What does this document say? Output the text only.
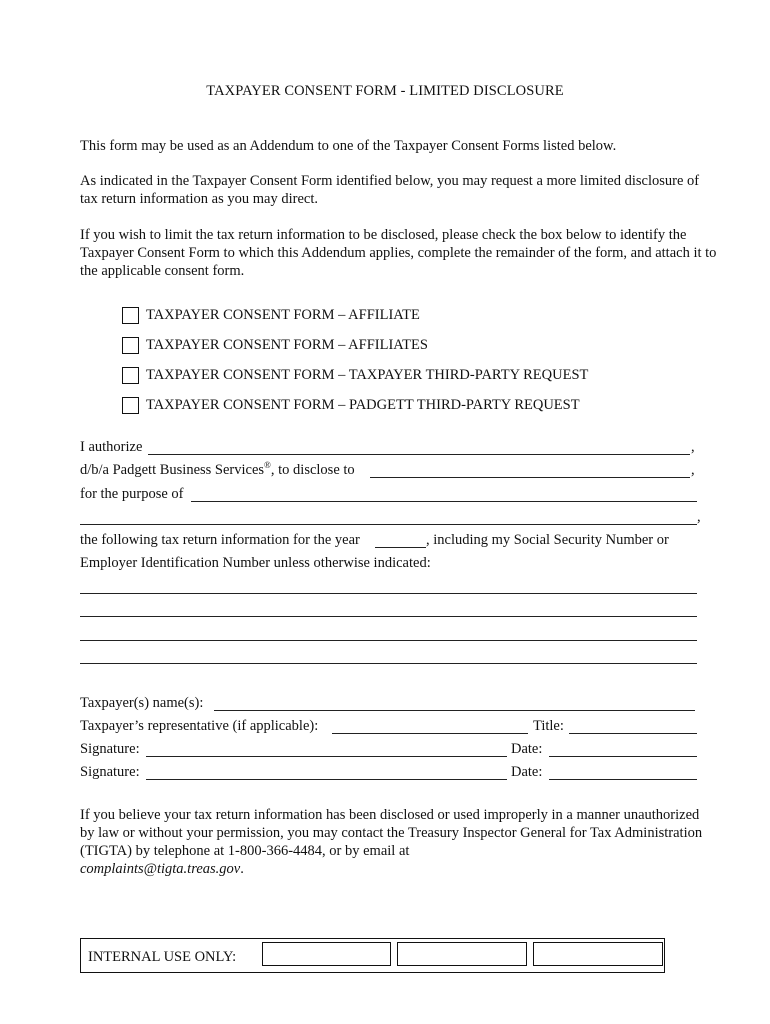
TAXPAYER CONSENT FORM - LIMITED DISCLOSURE
This form may be used as an Addendum to one of the Taxpayer Consent Forms listed below.
As indicated in the Taxpayer Consent Form identified below, you may request a more limited disclosure of tax return information as you may direct.
If you wish to limit the tax return information to be disclosed, please check the box below to identify the Taxpayer Consent Form to which this Addendum applies, complete the remainder of the form, and attach it to the applicable consent form.
TAXPAYER CONSENT FORM – AFFILIATE
TAXPAYER CONSENT FORM – AFFILIATES
TAXPAYER CONSENT FORM – TAXPAYER THIRD-PARTY REQUEST
TAXPAYER CONSENT FORM – PADGETT THIRD-PARTY REQUEST
I authorize	,
d/b/a Padgett Business Services®, to disclose to	,
for the purpose of
,
the following tax return information for the year	, including my Social Security Number or
Employer Identification Number unless otherwise indicated:
Taxpayer(s) name(s):
Taxpayer’s representative (if applicable):	Title:
Signature:	Date:
Signature:	Date:
If you believe your tax return information has been disclosed or used improperly in a manner unauthorized by law or without your permission, you may contact the Treasury Inspector General for Tax Administration (TIGTA) by telephone at 1-800-366-4484, or by email at
complaints@tigta.treas.gov.
INTERNAL USE ONLY:
